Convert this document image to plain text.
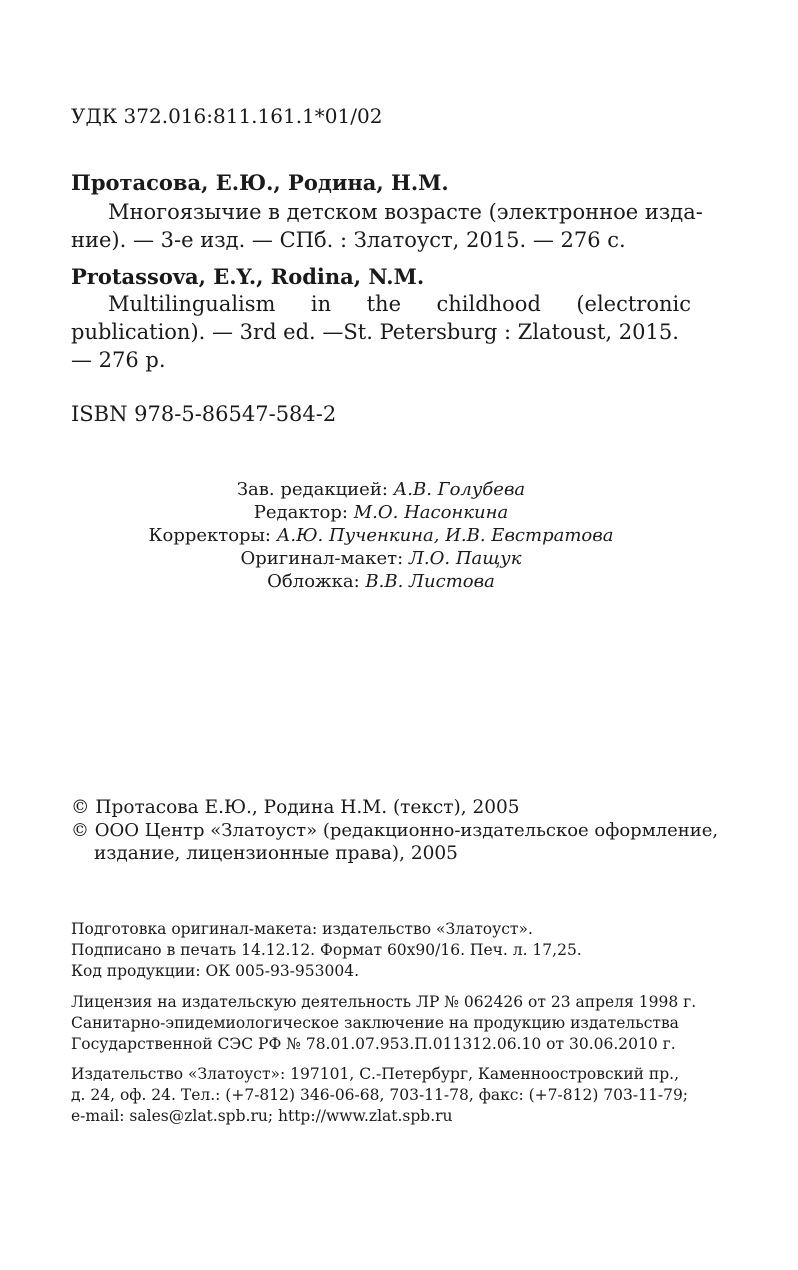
УДК 372.016:811.161.1*01/02
Протасова, Е.Ю., Родина, Н.М.
Многоязычие в детском возрасте (электронное изда-
ние). — 3-е изд. — СПб. : Златоуст, 2015. — 276 с.
Protassova, E.Y., Rodina, N.M.
Multilingualism in the childhood (electronic
publication). — 3rd ed. —St. Petersburg : Zlatoust, 2015.
— 276 p.
ISBN 978-5-86547-584-2
Зав. редакцией: А.В. Голубева
Редактор: М.О. Насонкина
Корректоры: А.Ю. Пученкина, И.В. Евстратова
Оригинал-макет: Л.О. Пащук
Обложка: В.В. Листова
© Протасова Е.Ю., Родина Н.М. (текст), 2005
© ООО Центр «Златоуст» (редакционно-издательское оформление,
издание, лицензионные права), 2005
Подготовка оригинал-макета: издательство «Златоуст».
Подписано в печать 14.12.12. Формат 60x90/16. Печ. л. 17,25.
Код продукции: ОК 005-93-953004.
Лицензия на издательскую деятельность ЛР № 062426 от 23 апреля 1998 г.
Санитарно-эпидемиологическое заключение на продукцию издательства
Государственной СЭС РФ № 78.01.07.953.П.011312.06.10 от 30.06.2010 г.
Издательство «Златоуст»: 197101, С.-Петербург, Каменноостровский пр.,
д. 24, оф. 24. Тел.: (+7-812) 346-06-68, 703-11-78, факс: (+7-812) 703-11-79;
e-mail: sales@zlat.spb.ru; http://www.zlat.spb.ru
